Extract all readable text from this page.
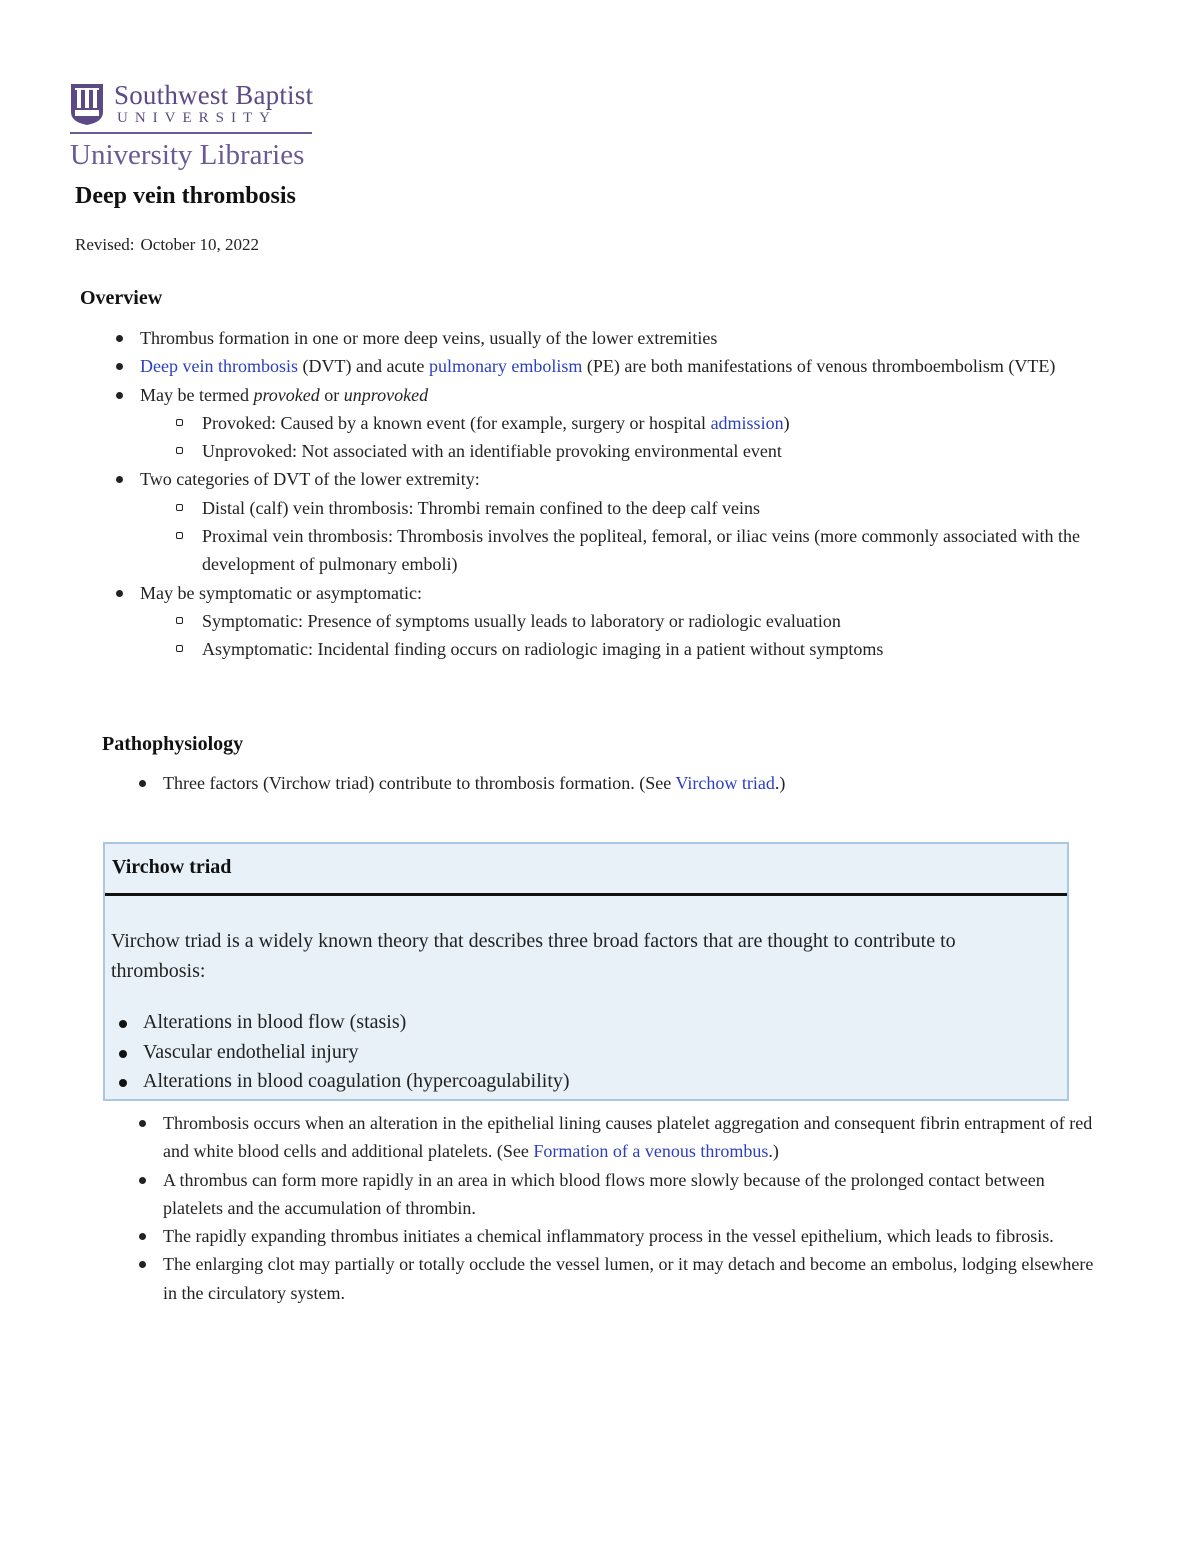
Southwest Baptist
UNIVERSITY
University Libraries
Deep vein thrombosis
Revised: October 10, 2022
Overview
Thrombus formation in one or more deep veins, usually of the lower extremities
Deep vein thrombosis (DVT) and acute pulmonary embolism (PE) are both manifestations of venous thromboembolism (VTE)
May be termed provoked or unprovoked
Provoked: Caused by a known event (for example, surgery or hospital admission)
Unprovoked: Not associated with an identifiable provoking environmental event
Two categories of DVT of the lower extremity:
Distal (calf) vein thrombosis: Thrombi remain confined to the deep calf veins
Proximal vein thrombosis: Thrombosis involves the popliteal, femoral, or iliac veins (more commonly associated with the development of pulmonary emboli)
May be symptomatic or asymptomatic:
Symptomatic: Presence of symptoms usually leads to laboratory or radiologic evaluation
Asymptomatic: Incidental finding occurs on radiologic imaging in a patient without symptoms
Pathophysiology
Three factors (Virchow triad) contribute to thrombosis formation. (See Virchow triad.)
Virchow triad

Virchow triad is a widely known theory that describes three broad factors that are thought to contribute to thrombosis:

Alterations in blood flow (stasis)
Vascular endothelial injury
Alterations in blood coagulation (hypercoagulability)
Thrombosis occurs when an alteration in the epithelial lining causes platelet aggregation and consequent fibrin entrapment of red and white blood cells and additional platelets. (See Formation of a venous thrombus.)
A thrombus can form more rapidly in an area in which blood flows more slowly because of the prolonged contact between platelets and the accumulation of thrombin.
The rapidly expanding thrombus initiates a chemical inflammatory process in the vessel epithelium, which leads to fibrosis.
The enlarging clot may partially or totally occlude the vessel lumen, or it may detach and become an embolus, lodging elsewhere in the circulatory system.
